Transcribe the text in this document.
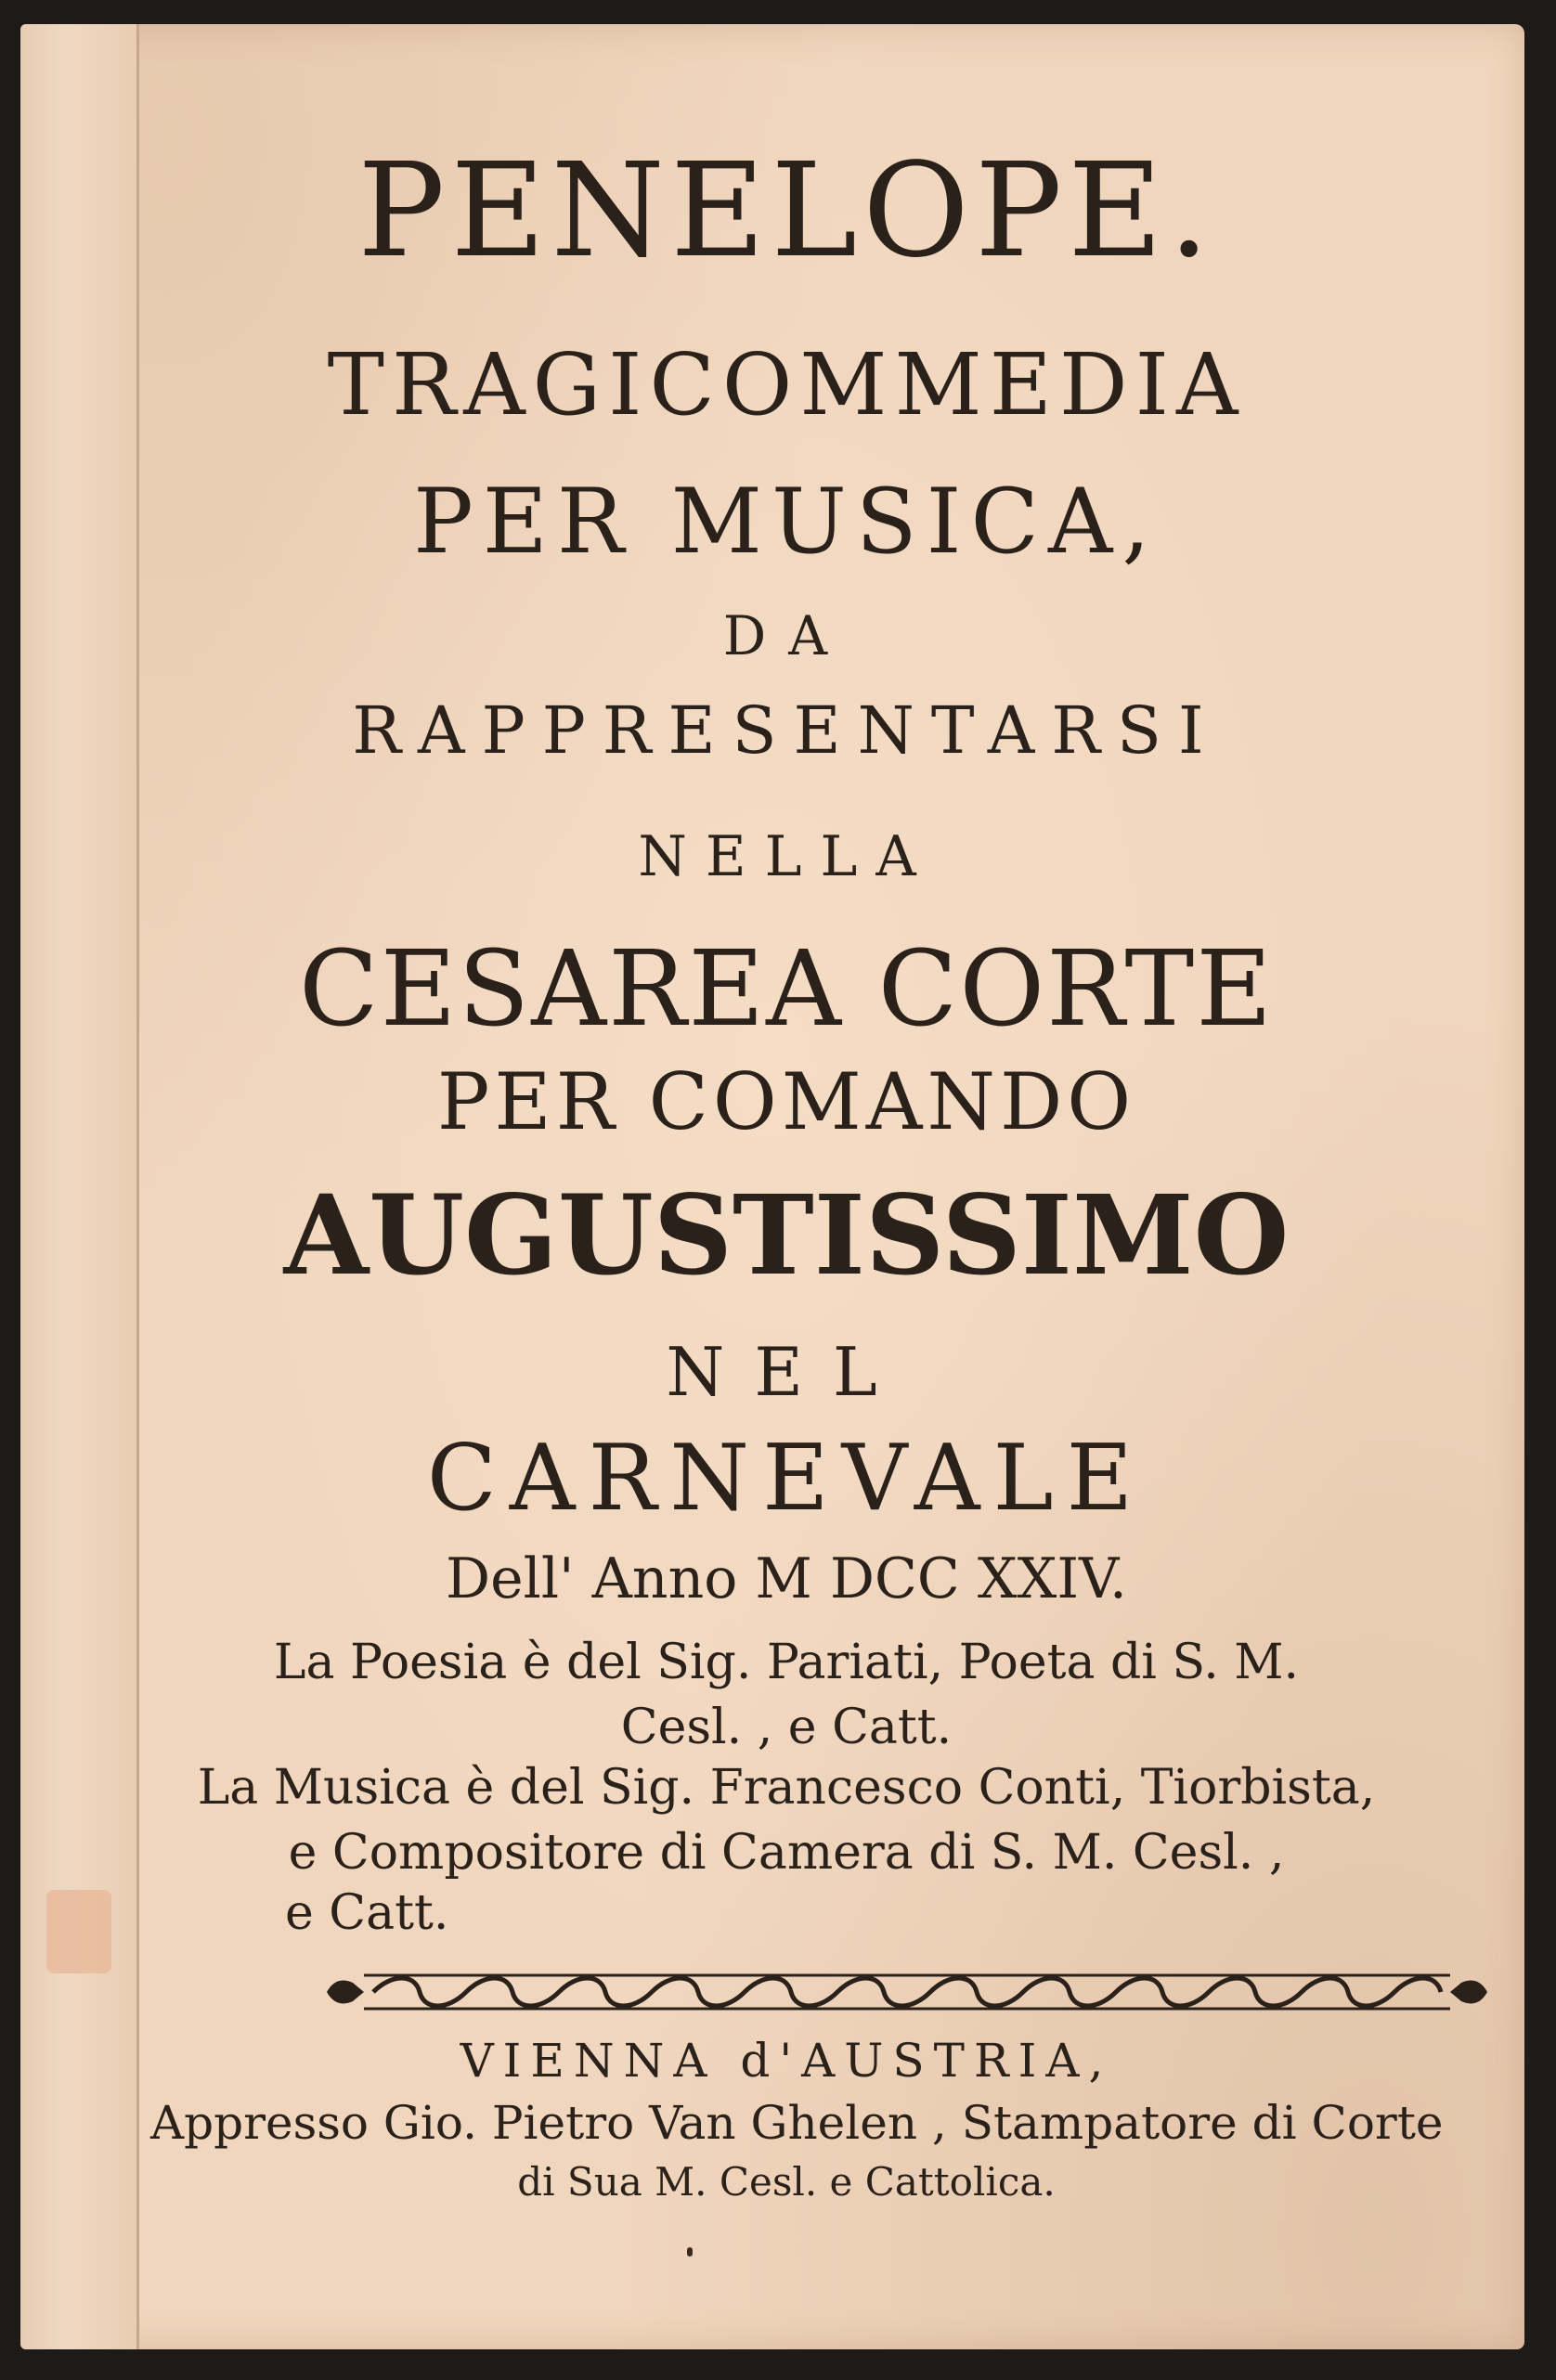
PENELOPE.
TRAGICOMMEDIA
PER MUSICA,
DA
RAPPRESENTARSI
NELLA
CESAREA CORTE
PER COMANDO
AUGUSTISSIMO
NEL
CARNEVALE
Dell' Anno M DCC XXIV.
La Poesia è del Sig. Pariati, Poeta di S. M.
Cesl. , e Catt.
La Musica è del Sig. Francesco Conti, Tiorbista,
e Compositore di Camera di S. M. Cesl. ,
e Catt.
VIENNA d'AUSTRIA,
Appresso Gio. Pietro Van Ghelen , Stampatore di Corte
di Sua M. Cesl. e Cattolica.
